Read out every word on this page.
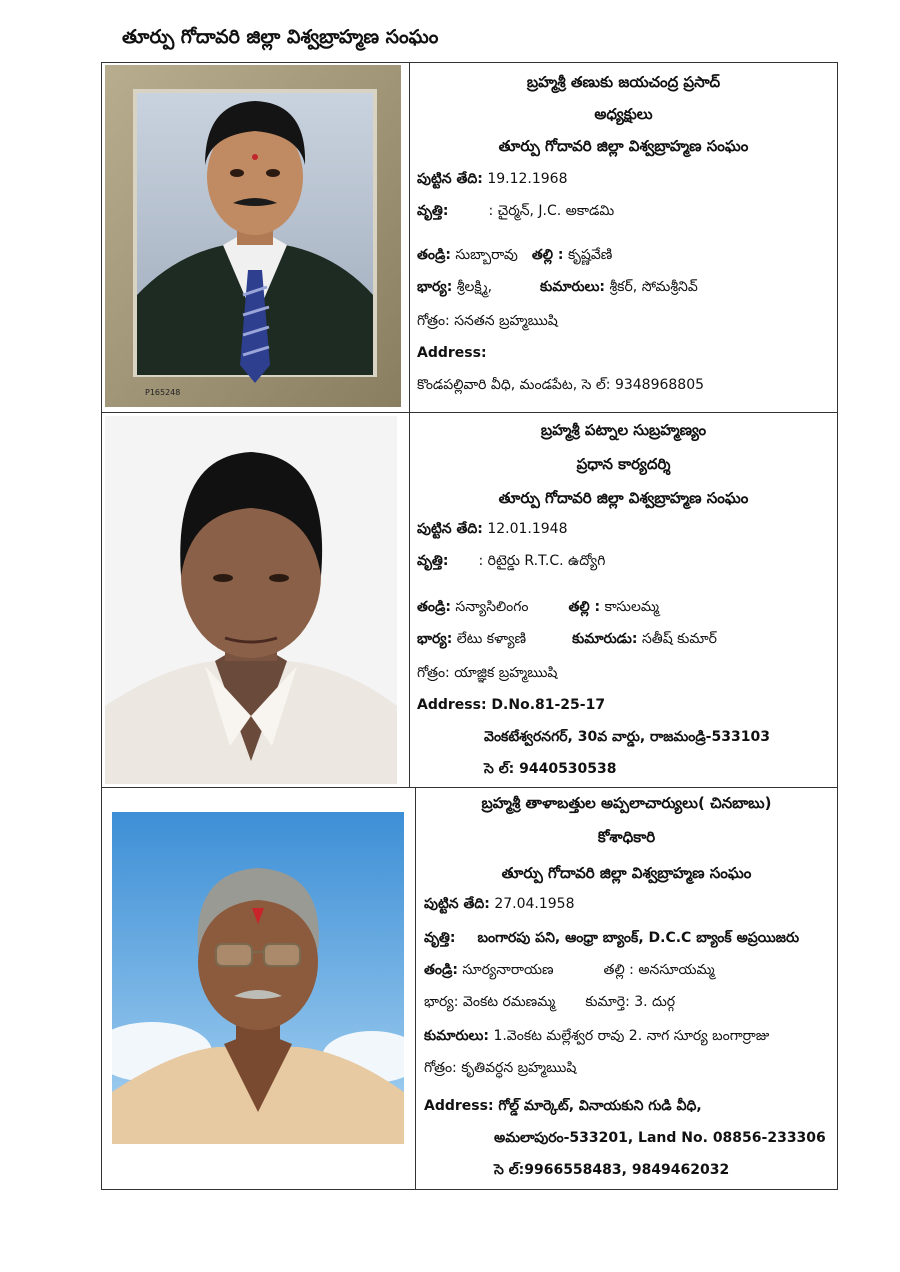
తూర్పు గోదావరి జిల్లా విశ్వబ్రాహ్మణ సంఘం
P165248
బ్రహ్మశ్రీ తణుకు జయచంద్ర ప్రసాద్
అధ్యక్షులు
తూర్పు గోదావరి జిల్లా విశ్వబ్రాహ్మణ సంఘం
పుట్టిన తేది: 19.12.1968
వృత్తి:	: చైర్మన్, J.C. అకాడమి
తండ్రి: సుబ్బారావు తల్లి : కృష్ణవేణి
భార్య: శ్రీలక్ష్మి,	కుమారులు: శ్రీకర్, సోమశ్రీనివ్
గోత్రం: సనతన బ్రహ్మఋషి
Address:
కొండపల్లివారి వీధి, మండపేట, సె ల్: 9348968805
బ్రహ్మశ్రీ పట్నాల సుబ్రహ్మణ్యం
ప్రధాన కార్యదర్శి
తూర్పు గోదావరి జిల్లా విశ్వబ్రాహ్మణ సంఘం
పుట్టిన తేది: 12.01.1948
వృత్తి: : రిటైర్డు R.T.C. ఉద్యోగి
తండ్రి: సన్యాసిలింగం	తల్లి : కాసులమ్మ
భార్య: లేటు కళ్యాణి	కుమారుడు: సతీష్ కుమార్
గోత్రం: యాజ్ఞిక బ్రహ్మఋషి
Address: D.No.81-25-17
వెంకటేశ్వరనగర్, 30వ వార్డు, రాజమండ్రి-533103
సె ల్: 9440530538
బ్రహ్మశ్రీ తాళాబత్తుల అప్పలాచార్యులు( చినబాబు)
కోశాధికారి
తూర్పు గోదావరి జిల్లా విశ్వబ్రాహ్మణ సంఘం
పుట్టిన తేది: 27.04.1958
వృత్తి: బంగారపు పని, ఆంధ్రా బ్యాంక్, D.C.C బ్యాంక్ అప్రయిజరు
తండ్రి: సూర్యనారాయణ	తల్లి : అనసూయమ్మ
భార్య: వెంకట రమణమ్మ కుమార్తె: 3. దుర్గ
కుమారులు: 1.వెంకట మల్లేశ్వర రావు 2. నాగ సూర్య బంగార్రాజు
గోత్రం: కృతివర్ధన బ్రహ్మఋషి
Address: గోల్డ్ మార్కెట్, వినాయకుని గుడి వీధి,
అమలాపురం-533201, Land No. 08856-233306
సె ల్:9966558483, 9849462032
